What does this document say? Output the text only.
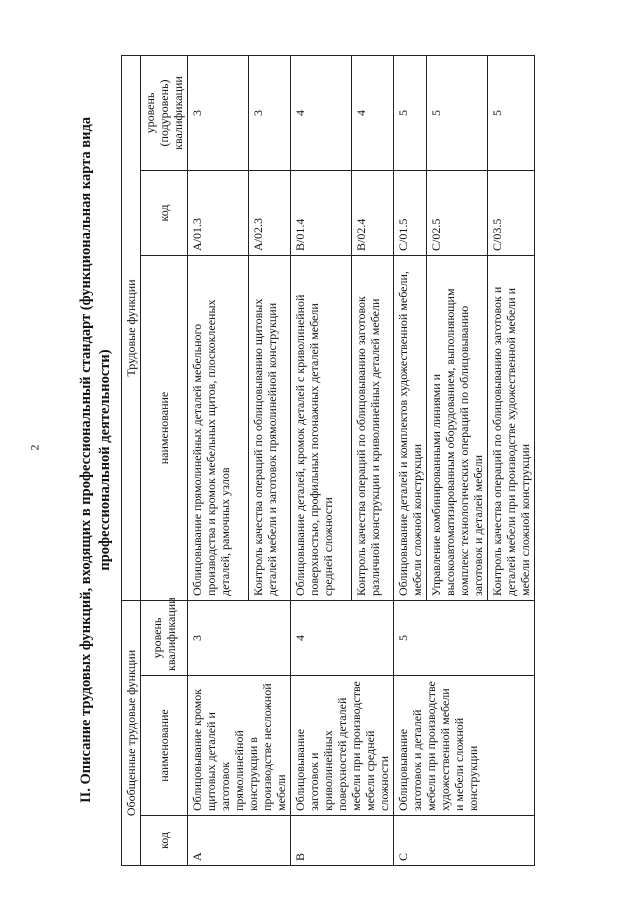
2	II. Описание трудовых функций, входящих в профессиональный стандарт (функциональная карта вида профессиональной деятельности)
Обобщенные трудовые функции			Трудовые функции		
код	наименование	уровень квалификации	наименование	код	уровень (подуровень) квалификации
A	Облицовывание кромок щитовых деталей и заготовок прямолинейной конструкции в производстве несложной мебели	3	Облицовывание прямолинейных деталей мебельного производства и кромок мебельных щитов, плоскоклееных деталей, рамочных узлов	A/01.3	3
			Контроль качества операций по облицовыванию щитовых деталей мебели и заготовок прямолинейной конструкции	A/02.3	3
B	Облицовывание заготовок и криволинейных поверхностей деталей мебели при производстве мебели средней сложности	4	Облицовывание деталей, кромок деталей с криволинейной поверхностью, профильных погонажных деталей мебели средней сложности	B/01.4	4
			Контроль качества операций по облицовыванию заготовок различной конструкции и криволинейных деталей мебели	B/02.4	4
C	Облицовывание заготовок и деталей мебели при производстве художественной мебели и мебели сложной конструкции	5	Облицовывание деталей и комплектов художественной мебели, мебели сложной конструкции	C/01.5	5
			Управление комбинированными линиями и высокоавтоматизированным оборудованием, выполняющим комплекс технологических операций по облицовыванию заготовок и деталей мебели	C/02.5	5
			Контроль качества операций по облицовыванию заготовок и деталей мебели при производстве художественной мебели и мебели сложной конструкции	C/03.5	5
